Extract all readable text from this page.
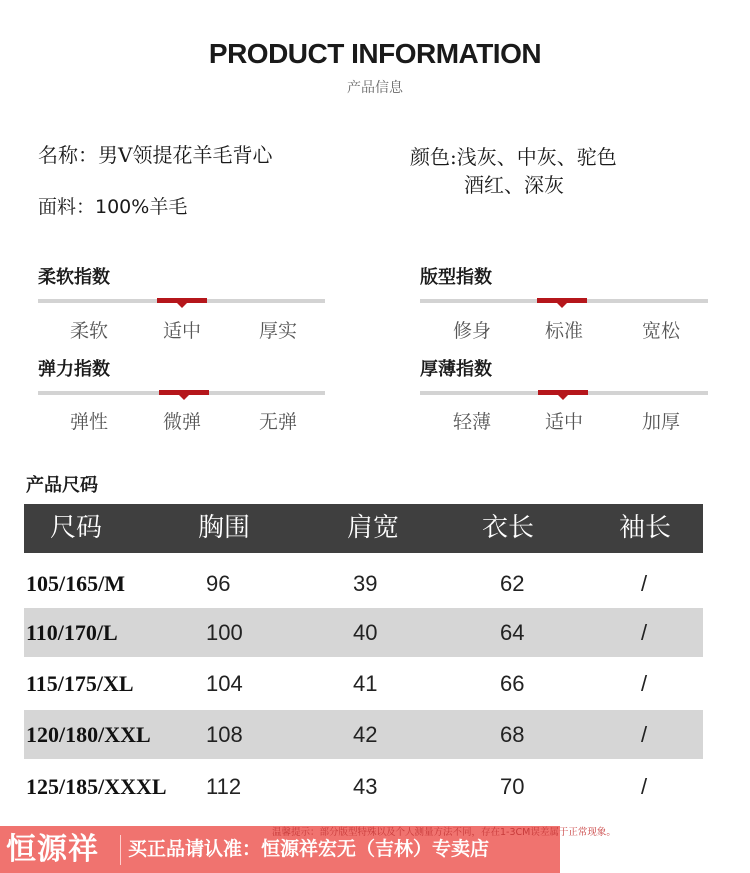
PRODUCT INFORMATION
产品信息
名称：男V领提花羊毛背心
面料：100%羊毛
颜色:浅灰、中灰、驼色
酒红、深灰
柔软指数
柔软	适中	厚实
版型指数
修身	标准	宽松
弹力指数
弹性	微弹	无弹
厚薄指数
轻薄	适中	加厚
产品尺码
尺码	胸围	肩宽	衣长	袖长
105/165/M	96	39	62	/
110/170/L	100	40	64	/
115/175/XL	104	41	66	/
120/180/XXL	108	42	68	/
125/185/XXXL 112	43	70	/
恒源祥 买正品请认准：恒源祥宏无（吉林）专卖店
温馨提示：部分版型特殊以及个人测量方法不同，存在1-3CM误差属于正常现象。
